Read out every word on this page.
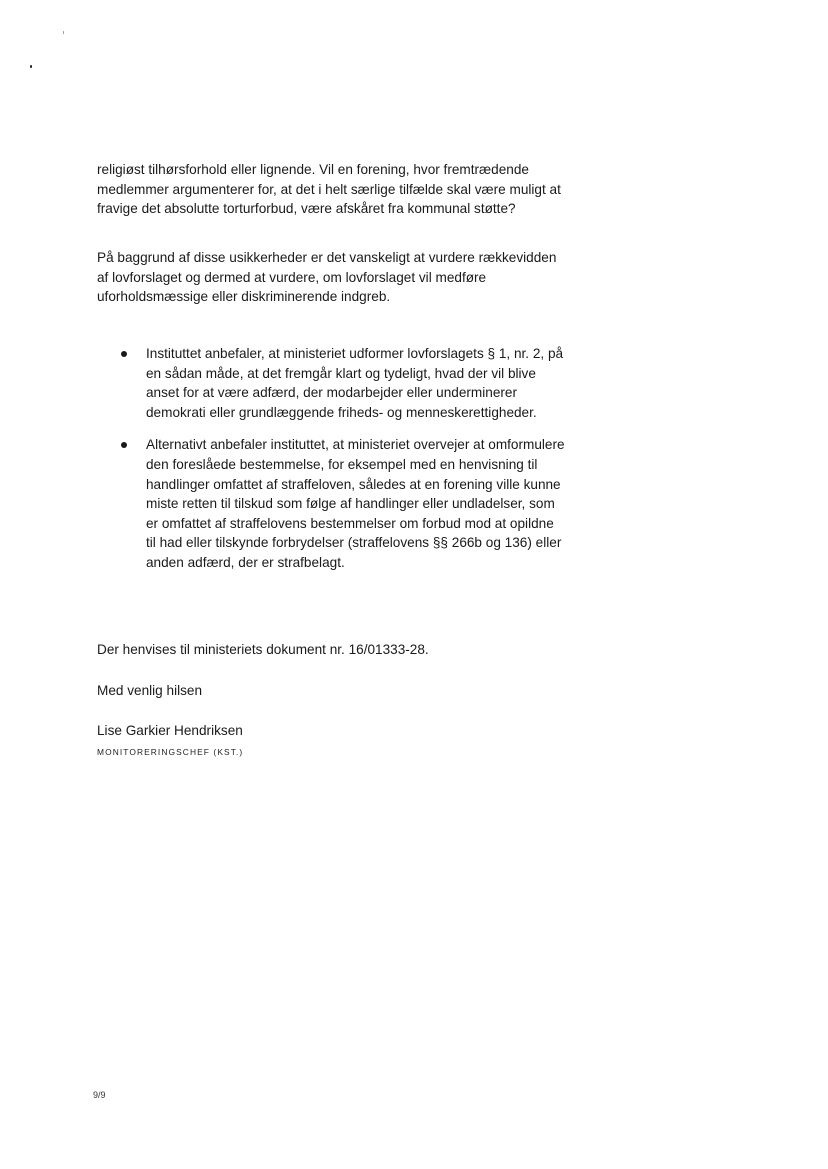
religiøst tilhørsforhold eller lignende. Vil en forening, hvor fremtrædende medlemmer argumenterer for, at det i helt særlige tilfælde skal være muligt at fravige det absolutte torturforbud, være afskåret fra kommunal støtte?

På baggrund af disse usikkerheder er det vanskeligt at vurdere rækkevidden af lovforslaget og dermed at vurdere, om lovforslaget vil medføre uforholdsmæssige eller diskriminerende indgreb.

Instituttet anbefaler, at ministeriet udformer lovforslagets § 1, nr. 2, på en sådan måde, at det fremgår klart og tydeligt, hvad der vil blive anset for at være adfærd, der modarbejder eller underminerer demokrati eller grundlæggende friheds- og menneskerettigheder.
Alternativt anbefaler instituttet, at ministeriet overvejer at omformulere den foreslåede bestemmelse, for eksempel med en henvisning til handlinger omfattet af straffeloven, således at en forening ville kunne miste retten til tilskud som følge af handlinger eller undladelser, som er omfattet af straffelovens bestemmelser om forbud mod at opildne til had eller tilskynde forbrydelser (straffelovens §§ 266b og 136) eller anden adfærd, der er strafbelagt.

Der henvises til ministeriets dokument nr. 16/01333-28.

Med venlig hilsen

Lise Garkier Hendriksen

MONITORERINGSCHEF (KST.)

9/9
